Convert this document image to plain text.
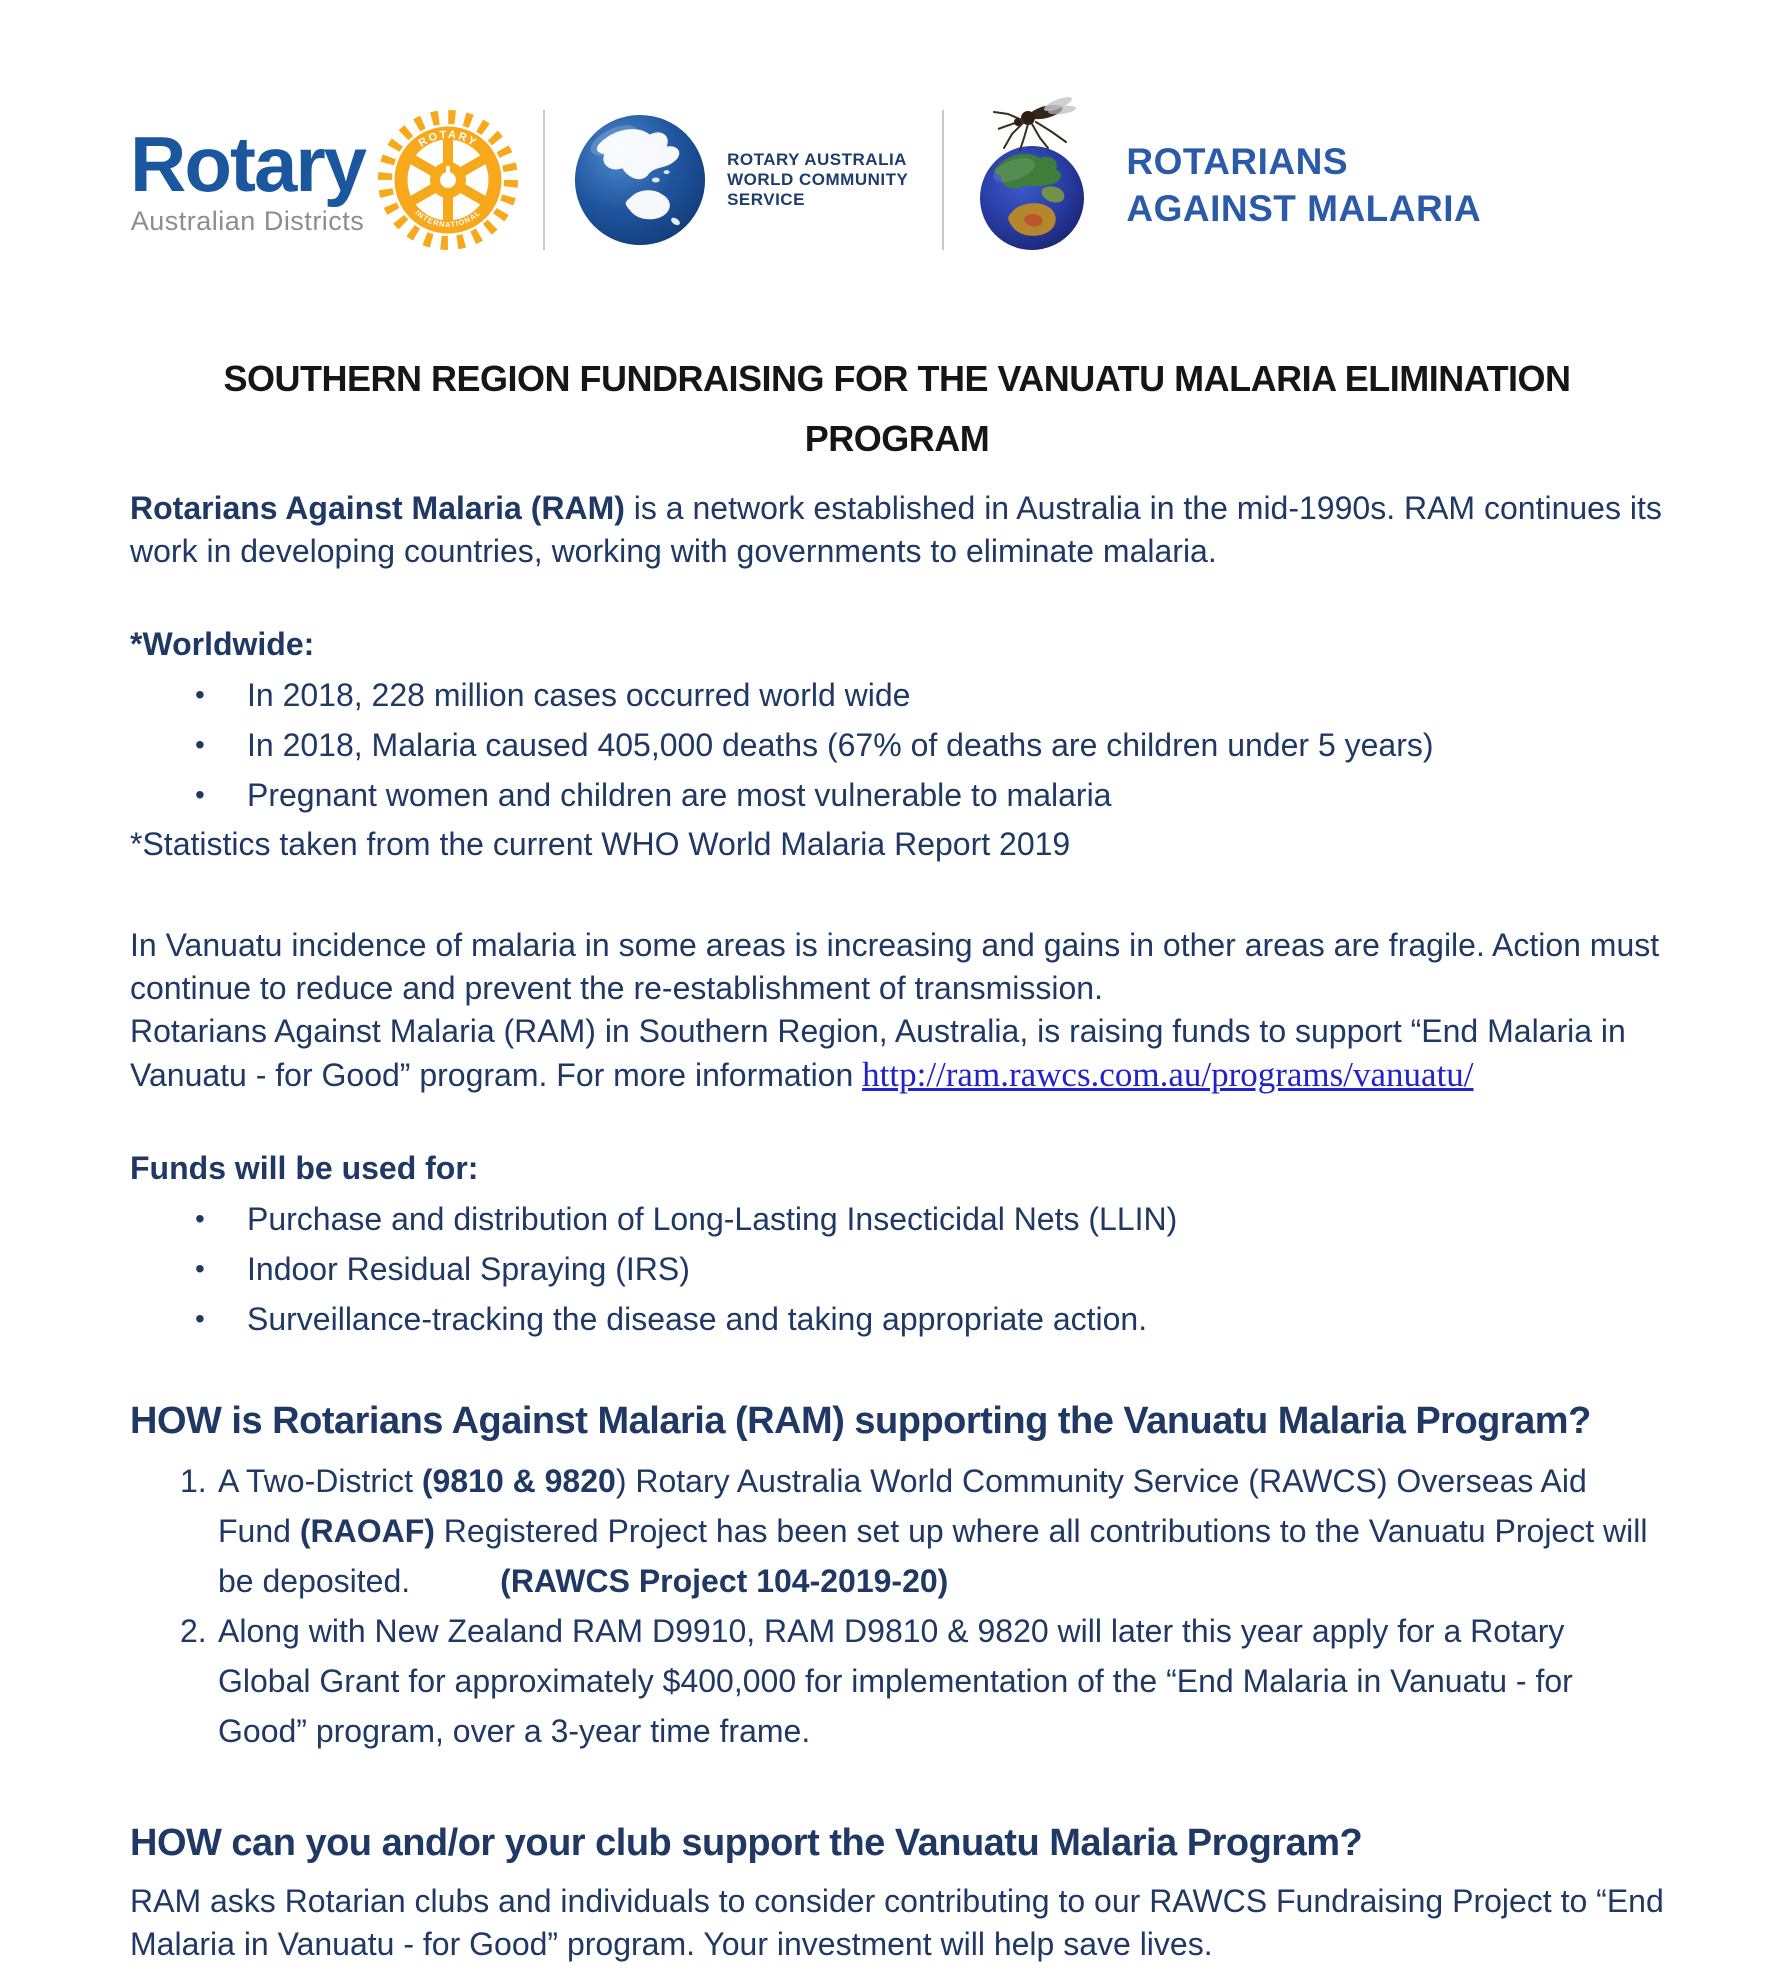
Rotary
Australian Districts
ROTARY
INTERNATIONAL
ROTARY AUSTRALIA
WORLD COMMUNITY
SERVICE
ROTARIANS
AGAINST MALARIA
SOUTHERN REGION FUNDRAISING FOR THE VANUATU MALARIA ELIMINATION
PROGRAM

Rotarians Against Malaria (RAM) is a network established in Australia in the mid-1990s. RAM continues its work in developing countries, working with governments to eliminate malaria.

*Worldwide:

•	In 2018, 228 million cases occurred world wide
•	In 2018, Malaria caused 405,000 deaths (67% of deaths are children under 5 years)
•	Pregnant women and children are most vulnerable to malaria

*Statistics taken from the current WHO World Malaria Report 2019

In Vanuatu incidence of malaria in some areas is increasing and gains in other areas are fragile. Action must continue to reduce and prevent the re-establishment of transmission.
Rotarians Against Malaria (RAM) in Southern Region, Australia, is raising funds to support “End Malaria in Vanuatu - for Good” program. For more information http://ram.rawcs.com.au/programs/vanuatu/

Funds will be used for:

•	Purchase and distribution of Long-Lasting Insecticidal Nets (LLIN)
•	Indoor Residual Spraying (IRS)
•	Surveillance-tracking the disease and taking appropriate action.
HOW is Rotarians Against Malaria (RAM) supporting the Vanuatu Malaria Program?
1. A Two-District (9810 & 9820) Rotary Australia World Community Service (RAWCS) Overseas Aid Fund (RAOAF) Registered Project has been set up where all contributions to the Vanuatu Project will be deposited.	(RAWCS Project 104-2019-20)
2. Along with New Zealand RAM D9910, RAM D9810 & 9820 will later this year apply for a Rotary Global Grant for approximately $400,000 for implementation of the “End Malaria in Vanuatu - for Good” program, over a 3-year time frame.
HOW can you and/or your club support the Vanuatu Malaria Program?

RAM asks Rotarian clubs and individuals to consider contributing to our RAWCS Fundraising Project to “End Malaria in Vanuatu - for Good” program. Your investment will help save lives.
